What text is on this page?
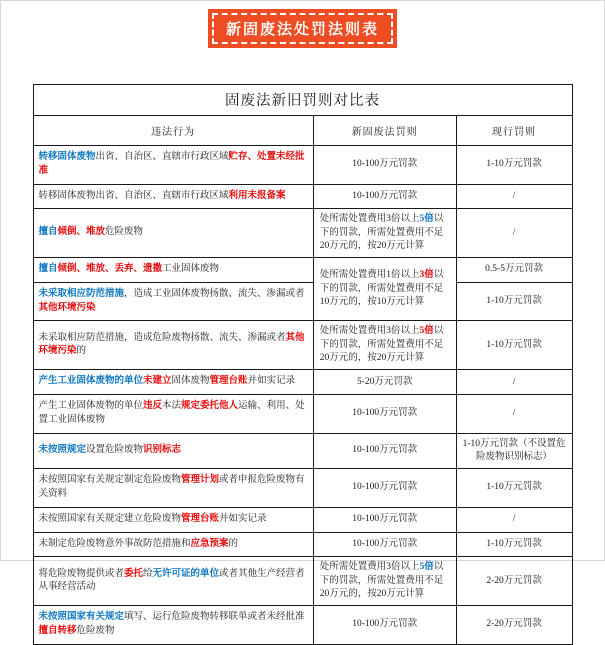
新固废法处罚法则表
固废法新旧罚则对比表		
违法行为	新固废法罚则	现行罚则
转移固体废物出省、自治区、直辖市行政区域贮存、处置未经批准	10-100万元罚款	1-10万元罚款
转移固体废物出省、自治区、直辖市行政区域利用未报备案	10-100万元罚款	/
擅自倾倒、堆放危险废物	处所需处置费用3倍以上5倍以下的罚款，所需处置费用不足20万元的，按20万元计算	/
擅自倾倒、堆放、丢弃、遗撒工业固体废物	处所需处置费用1倍以上3倍以下的罚款，所需处置费用不足10万元的，按10万元计算	0.5-5万元罚款
未采取相应防范措施，造成工业固体废物扬散、流失、渗漏或者其他环境污染		1-10万元罚款
未采取相应防范措施，造成危险废物扬散、流失、渗漏或者其他环境污染的	处所需处置费用3倍以上5倍以下的罚款，所需处置费用不足20万元的，按20万元计算	1-10万元罚款
产生工业固体废物的单位未建立固体废物管理台账并如实记录	5-20万元罚款	/
产生工业固体废物的单位违反本法规定委托他人运输、利用、处置工业固体废物	10-100万元罚款	/
未按照规定设置危险废物识别标志	10-100万元罚款	1-10万元罚款（不设置危险废物识别标志）
未按照国家有关规定制定危险废物管理计划或者申报危险废物有关资料	10-100万元罚款	1-10万元罚款
未按照国家有关规定建立危险废物管理台账并如实记录	10-100万元罚款	/
未制定危险废物意外事故防范措施和应急预案的	10-100万元罚款	1-10万元罚款
将危险废物提供或者委托给无许可证的单位或者其他生产经营者从事经营活动	处所需处置费用3倍以上5倍以下的罚款，所需处置费用不足20万元的，按20万元计算	2-20万元罚款
未按照国家有关规定填写、运行危险废物转移联单或者未经批准擅自转移危险废物	10-100万元罚款	2-20万元罚款
